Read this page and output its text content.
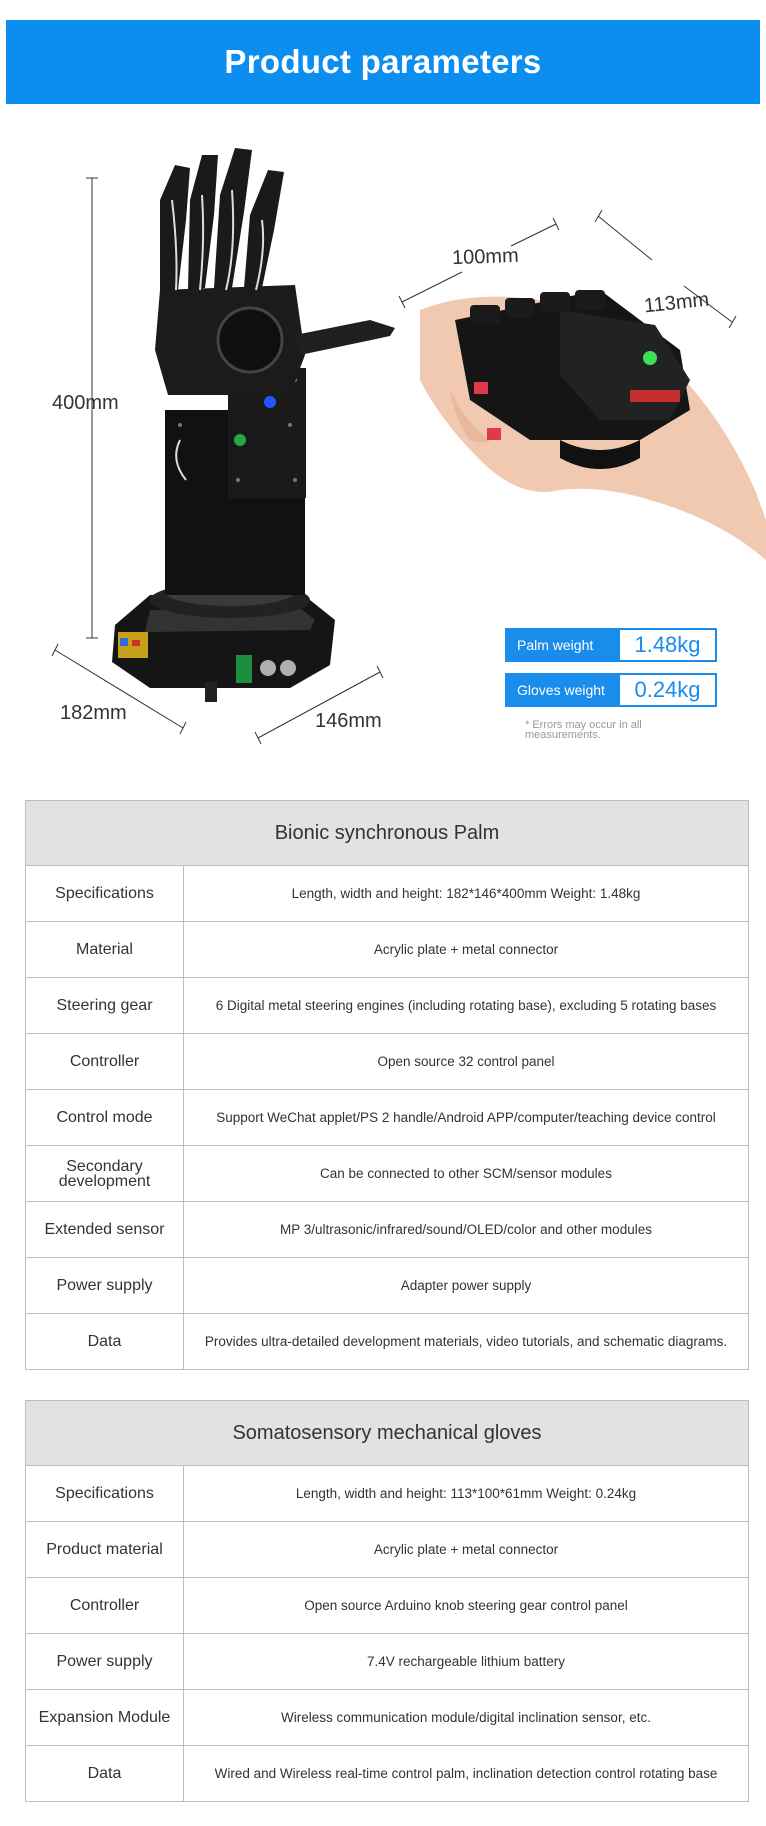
Product parameters
400mm
182mm	146mm
100mm
113mm
Palm weight	1.48kg
Gloves weight	0.24kg
* Errors may occur in all measurements.
Bionic synchronous Palm	
Specifications	Length, width and height: 182*146*400mm Weight: 1.48kg
Material	Acrylic plate + metal connector
Steering gear	6 Digital metal steering engines (including rotating base), excluding 5 rotating bases
Controller	Open source 32 control panel
Control mode	Support WeChat applet/PS 2 handle/Android APP/computer/teaching device control
Secondary development	Can be connected to other SCM/sensor modules
Extended sensor	MP 3/ultrasonic/infrared/sound/OLED/color and other modules
Power supply	Adapter power supply
Data	Provides ultra-detailed development materials, video tutorials, and schematic diagrams.
Somatosensory mechanical gloves	
Specifications	Length, width and height: 113*100*61mm Weight: 0.24kg
Product material	Acrylic plate + metal connector
Controller	Open source Arduino knob steering gear control panel
Power supply	7.4V rechargeable lithium battery
Expansion Module	Wireless communication module/digital inclination sensor, etc.
Data	Wired and Wireless real-time control palm, inclination detection control rotating base
